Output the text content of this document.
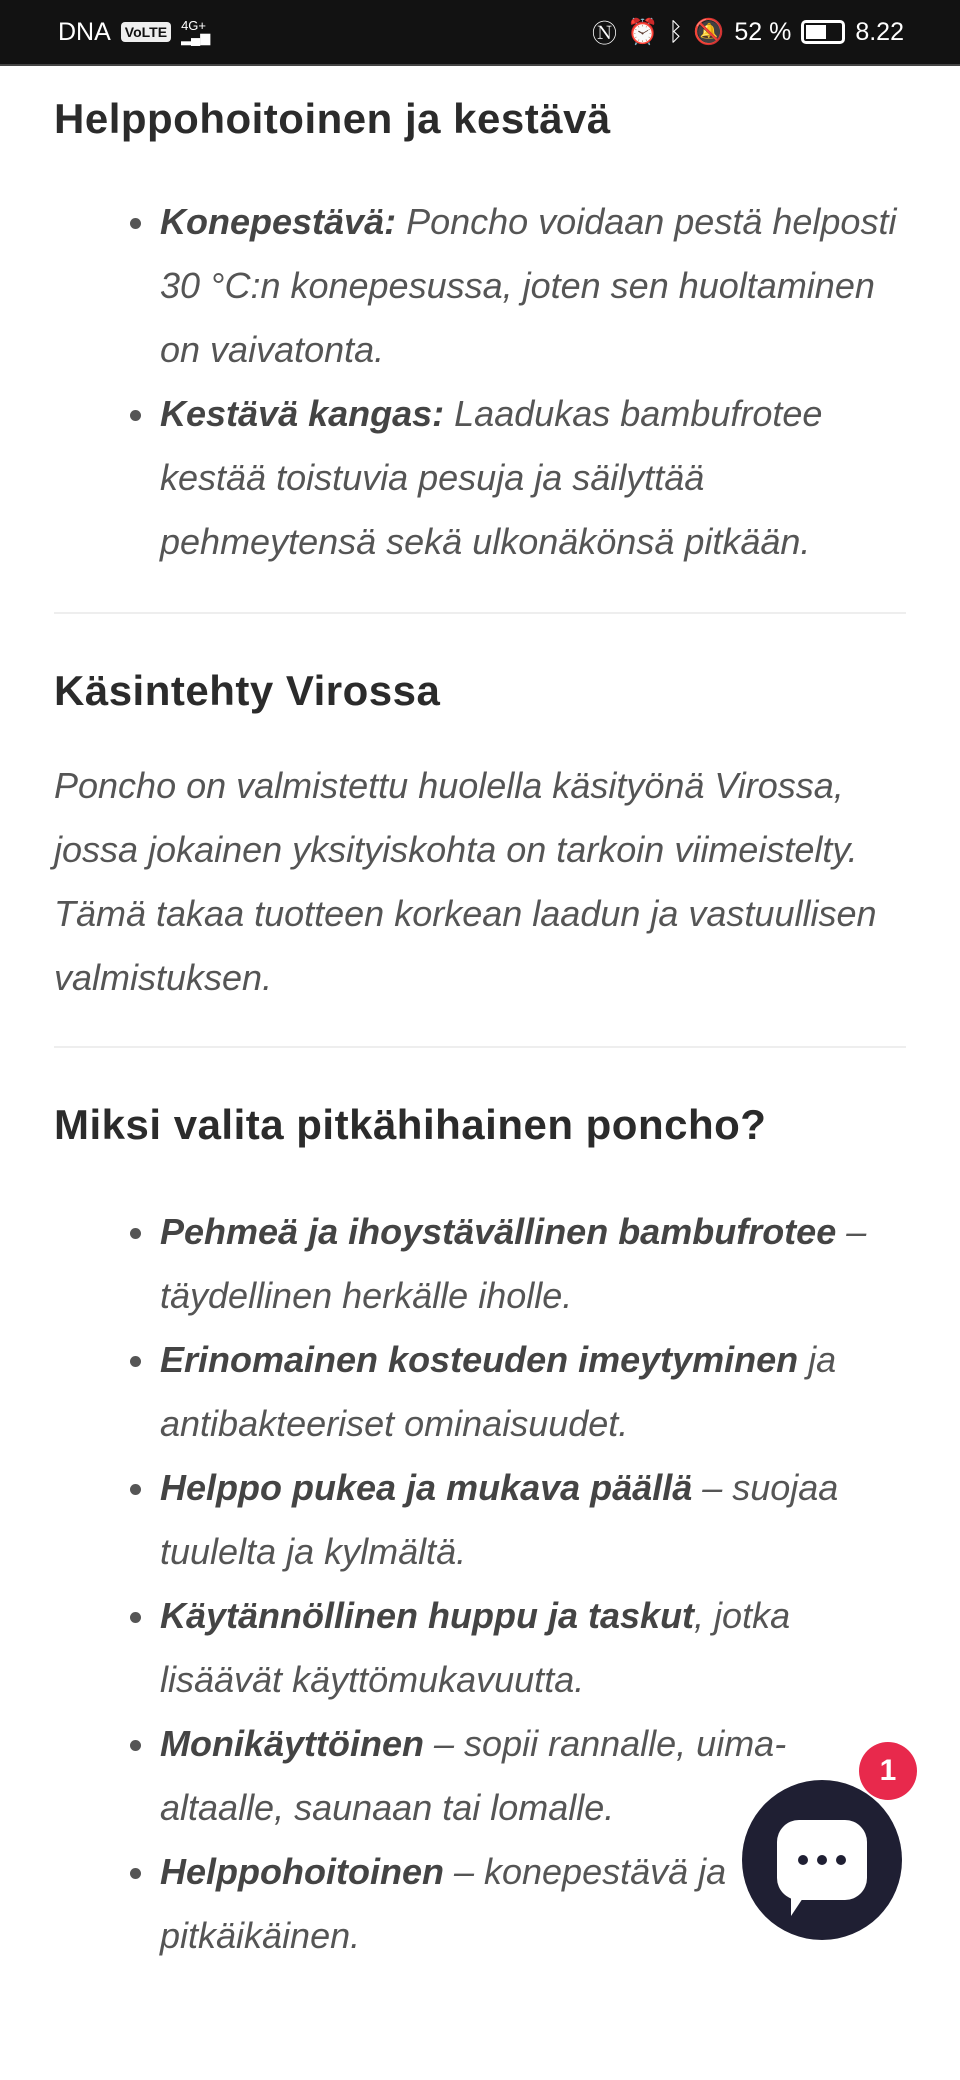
DNA VoLTE	4G+
▂▄▆	Ⓝ ⏰ ᛒ 🔕 52 %	8.22
Helppohoitoinen ja kestävä
Konepestävä: Poncho voidaan pestä helposti 30 °C:n konepesussa, joten sen huoltaminen on vaivatonta.
Kestävä kangas: Laadukas bambufrotee kestää toistuvia pesuja ja säilyttää pehmeytensä sekä ulkonäkönsä pitkään.
Käsintehty Virossa

Poncho on valmistettu huolella käsityönä Virossa, jossa jokainen yksityiskohta on tarkoin viimeistelty. Tämä takaa tuotteen korkean laadun ja vastuullisen valmistuksen.

Miksi valita pitkähihainen poncho?
Pehmeä ja ihoystävällinen bambufrotee – täydellinen herkälle iholle.
Erinomainen kosteuden imeytyminen ja antibakteeriset ominaisuudet.
Helppo pukea ja mukava päällä – suojaa tuulelta ja kylmältä.
Käytännöllinen huppu ja taskut, jotka lisäävät käyttömukavuutta.
Monikäyttöinen – sopii rannalle, uima-altaalle, saunaan tai lomalle.
Helppohoitoinen – konepestävä ja pitkäikäinen.
1
